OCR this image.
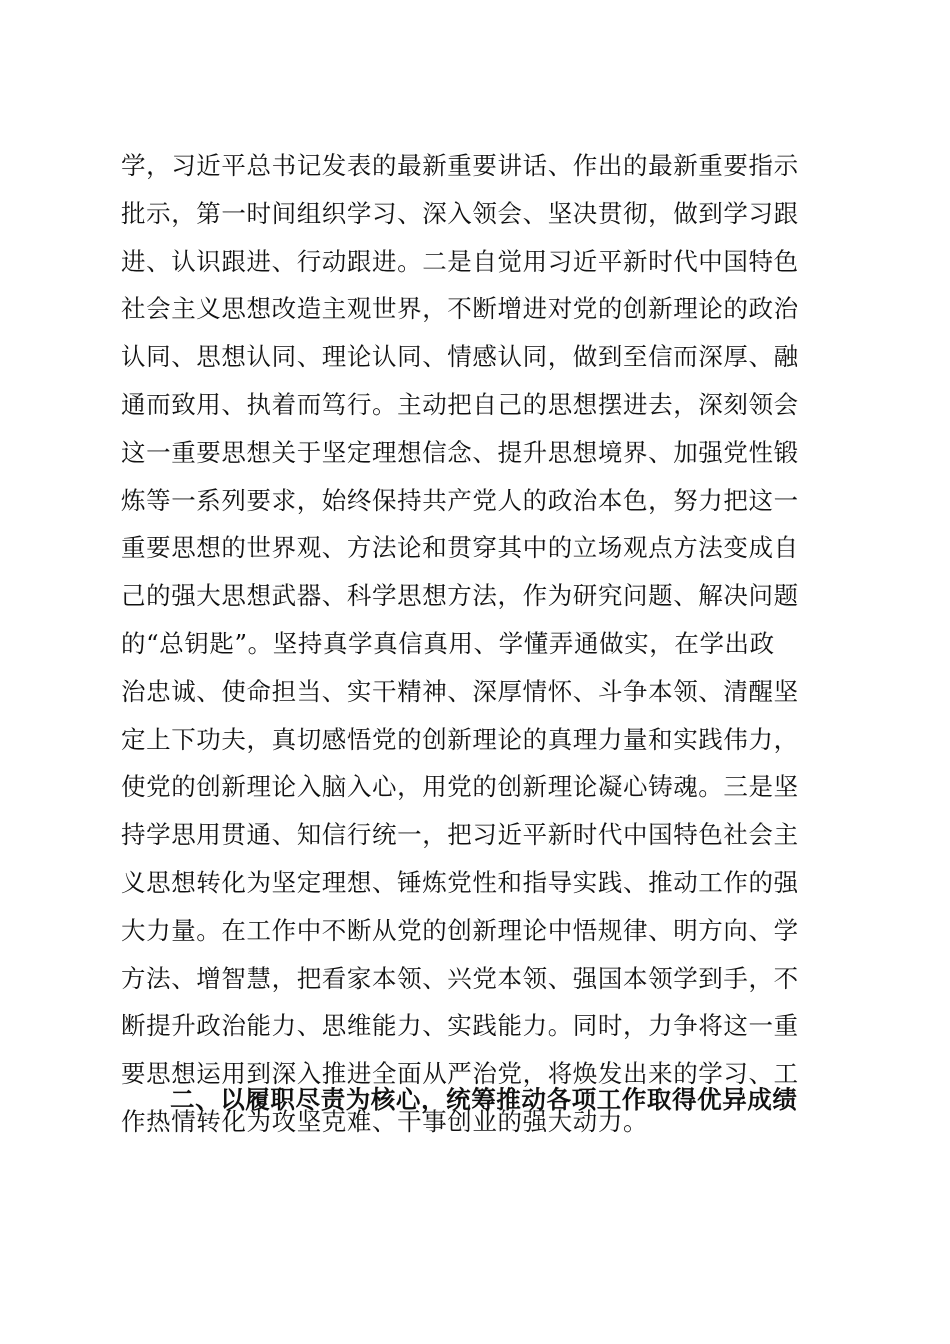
学，习近平总书记发表的最新重要讲话、作出的最新重要指示
批示，第一时间组织学习、深入领会、坚决贯彻，做到学习跟
进、认识跟进、行动跟进。二是自觉用习近平新时代中国特色
社会主义思想改造主观世界，不断增进对党的创新理论的政治
认同、思想认同、理论认同、情感认同，做到至信而深厚、融
通而致用、执着而笃行。主动把自己的思想摆进去，深刻领会
这一重要思想关于坚定理想信念、提升思想境界、加强党性锻
炼等一系列要求，始终保持共产党人的政治本色，努力把这一
重要思想的世界观、方法论和贯穿其中的立场观点方法变成自
己的强大思想武器、科学思想方法，作为研究问题、解决问题
的“总钥匙”。坚持真学真信真用、学懂弄通做实，在学出政
治忠诚、使命担当、实干精神、深厚情怀、斗争本领、清醒坚
定上下功夫，真切感悟党的创新理论的真理力量和实践伟力，
使党的创新理论入脑入心，用党的创新理论凝心铸魂。三是坚
持学思用贯通、知信行统一，把习近平新时代中国特色社会主
义思想转化为坚定理想、锤炼党性和指导实践、推动工作的强
大力量。在工作中不断从党的创新理论中悟规律、明方向、学
方法、增智慧，把看家本领、兴党本领、强国本领学到手，不
断提升政治能力、思维能力、实践能力。同时，力争将这一重
要思想运用到深入推进全面从严治党，将焕发出来的学习、工
作热情转化为攻坚克难、干事创业的强大动力。
二、以履职尽责为核心，统筹推动各项工作取得优异成绩
